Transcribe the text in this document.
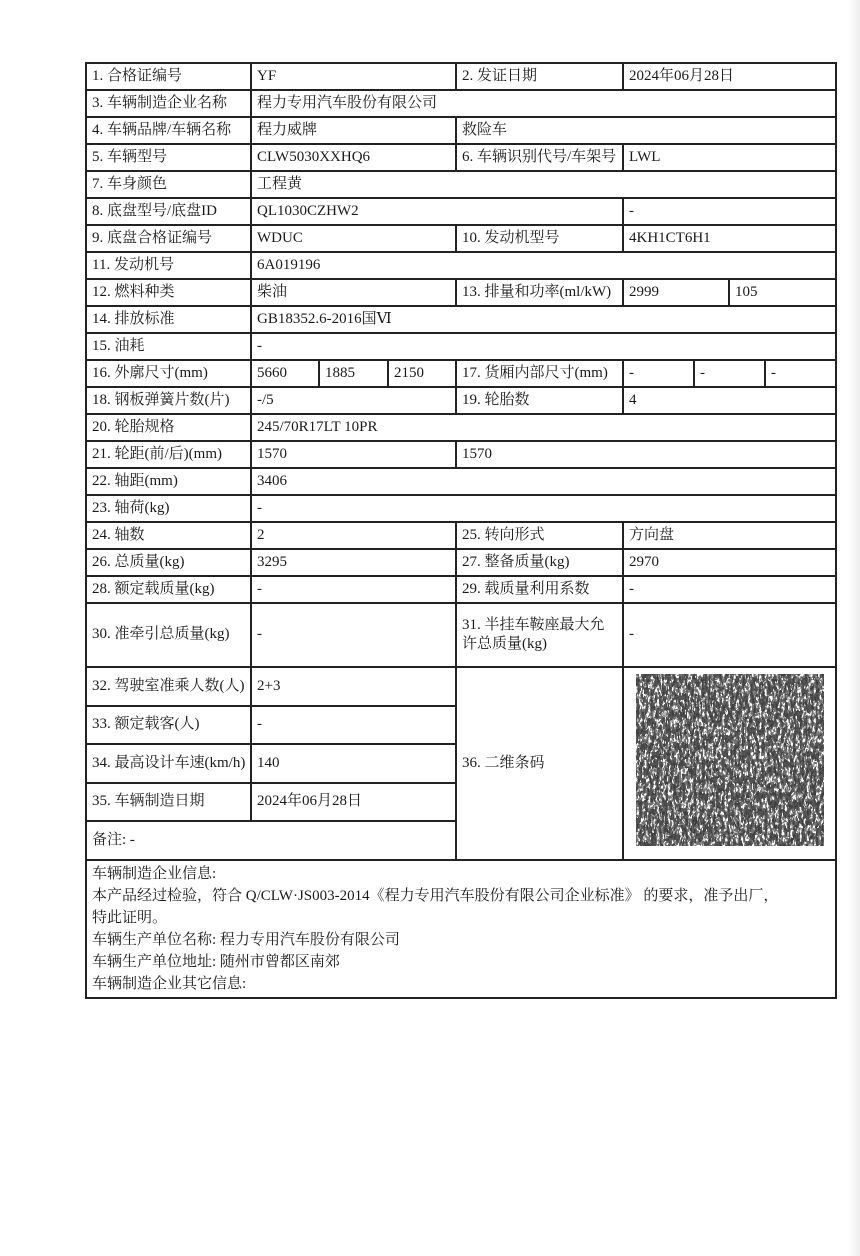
1. 合格证编号	YF			2. 发证日期	2024年06月28日			
3. 车辆制造企业名称	程力专用汽车股份有限公司							
4. 车辆品牌/车辆名称	程力威牌			救险车				
5. 车辆型号	CLW5030XXHQ6			6. 车辆识别代号/车架号	LWL			
7. 车身颜色	工程黄							
8. 底盘型号/底盘ID	QL1030CZHW2				-			
9. 底盘合格证编号	WDUC			10. 发动机型号	4KH1CT6H1			
11. 发动机号	6A019196							
12. 燃料种类	柴油			13. 排量和功率(ml/kW)	2999		105	
14. 排放标准	GB18352.6-2016国Ⅵ							
15. 油耗	-							
16. 外廓尺寸(mm)	5660	1885	2150	17. 货厢内部尺寸(mm)	-	-		-
18. 钢板弹簧片数(片)	-/5			19. 轮胎数	4			
20. 轮胎规格	245/70R17LT 10PR							
21. 轮距(前/后)(mm)	1570			1570				
22. 轴距(mm)	3406							
23. 轴荷(kg)	-							
24. 轴数	2			25. 转向形式	方向盘			
26. 总质量(kg)	3295			27. 整备质量(kg)	2970			
28. 额定载质量(kg)	-			29. 载质量利用系数	-			
30. 准牵引总质量(kg)	-			31. 半挂车鞍座最大允许总质量(kg)	-			
32. 驾驶室准乘人数(人)	2+3			36. 二维条码	
33. 额定载客(人)	-							
34. 最高设计车速(km/h)	140							
35. 车辆制造日期	2024年06月28日							
备注: -								

车辆制造企业信息:
本产品经过检验，符合 Q/CLW·JS003-2014《程力专用汽车股份有限公司企业标准》 的要求，准予出厂，
特此证明。
车辆生产单位名称: 程力专用汽车股份有限公司
车辆生产单位地址: 随州市曾都区南郊
车辆制造企业其它信息:
